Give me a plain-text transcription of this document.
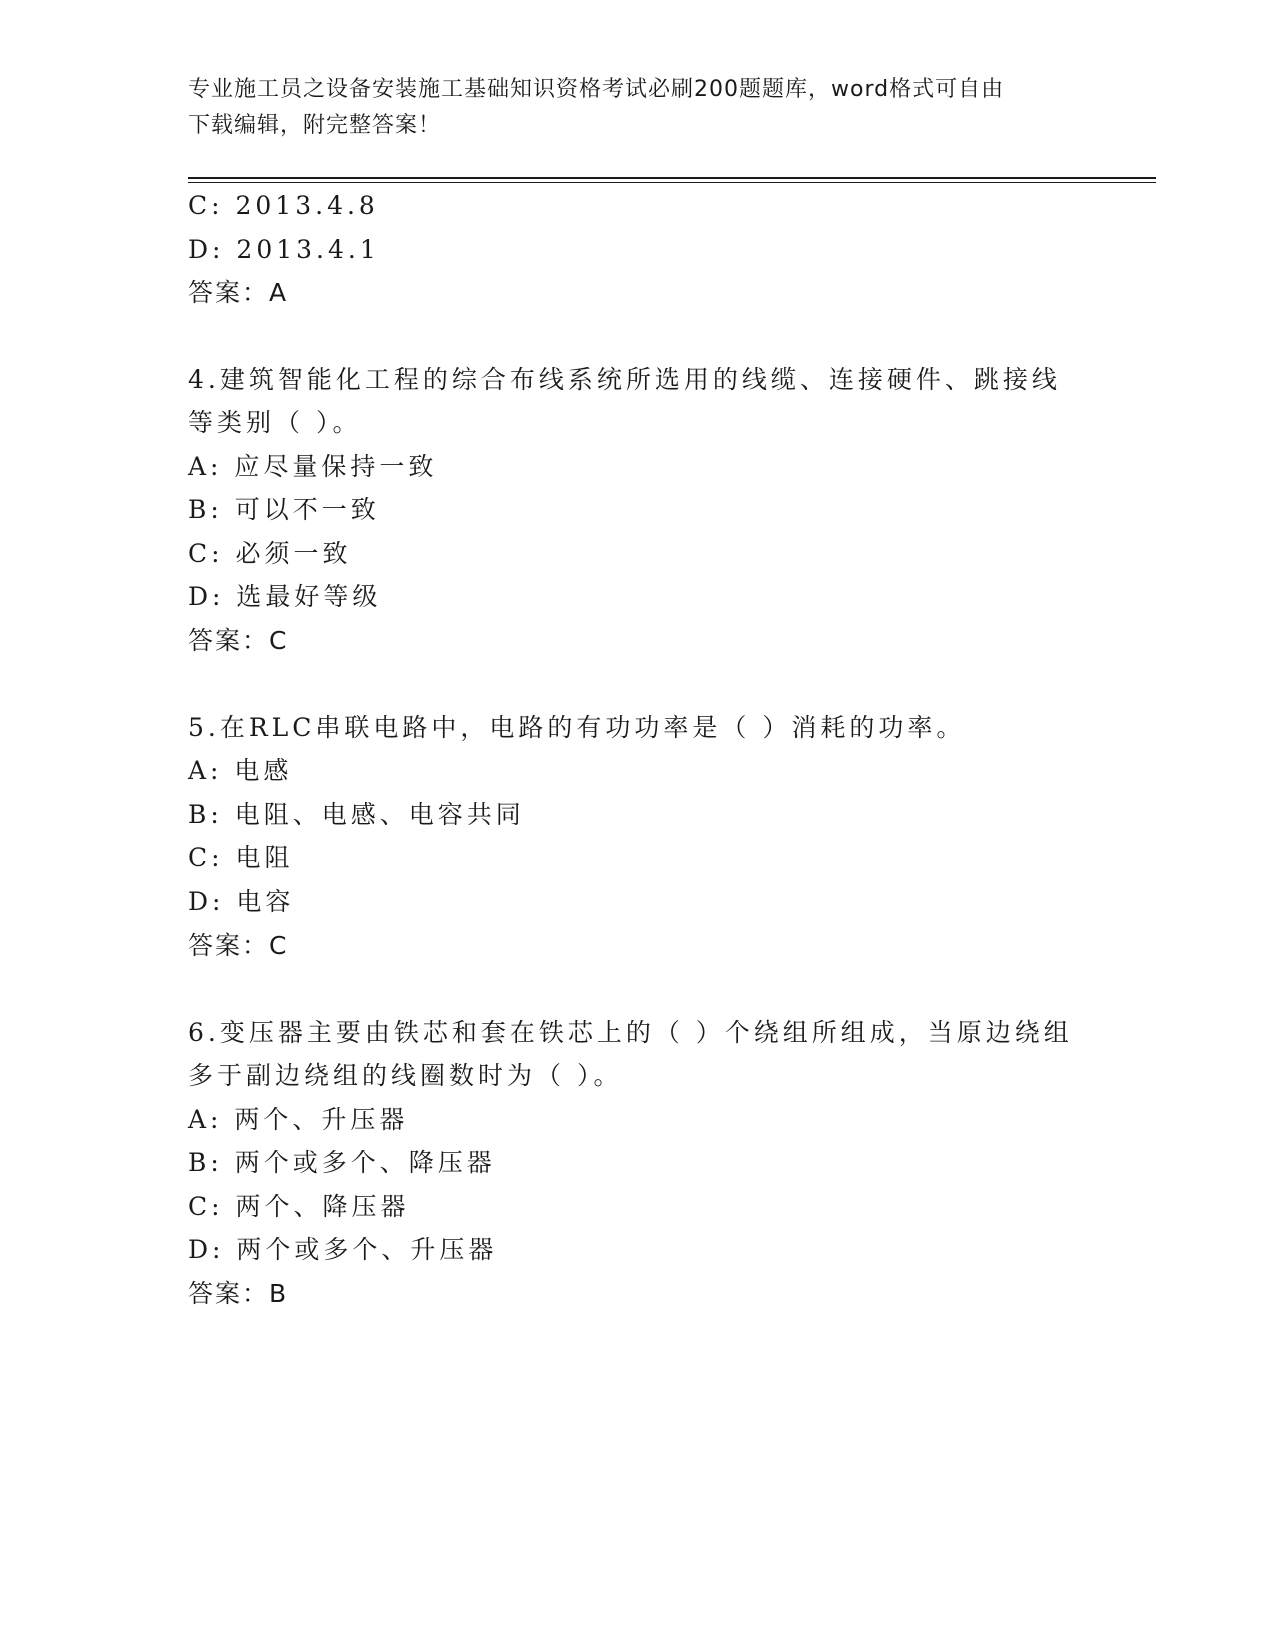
专业施工员之设备安装施工基础知识资格考试必刷200题题库，word格式可自由
下载编辑，附完整答案！
C: 2013.4.8
D: 2013.4.1
答案：A
4.建筑智能化工程的综合布线系统所选用的线缆、连接硬件、跳接线
等类别（ ）。
A: 应尽量保持一致
B: 可以不一致
C: 必须一致
D: 选最好等级
答案：C
5.在RLC串联电路中，电路的有功功率是（ ）消耗的功率。
A: 电感
B: 电阻、电感、电容共同
C: 电阻
D: 电容
答案：C
6.变压器主要由铁芯和套在铁芯上的（ ）个绕组所组成，当原边绕组
多于副边绕组的线圈数时为（ ）。
A: 两个、升压器
B: 两个或多个、降压器
C: 两个、降压器
D: 两个或多个、升压器
答案：B
